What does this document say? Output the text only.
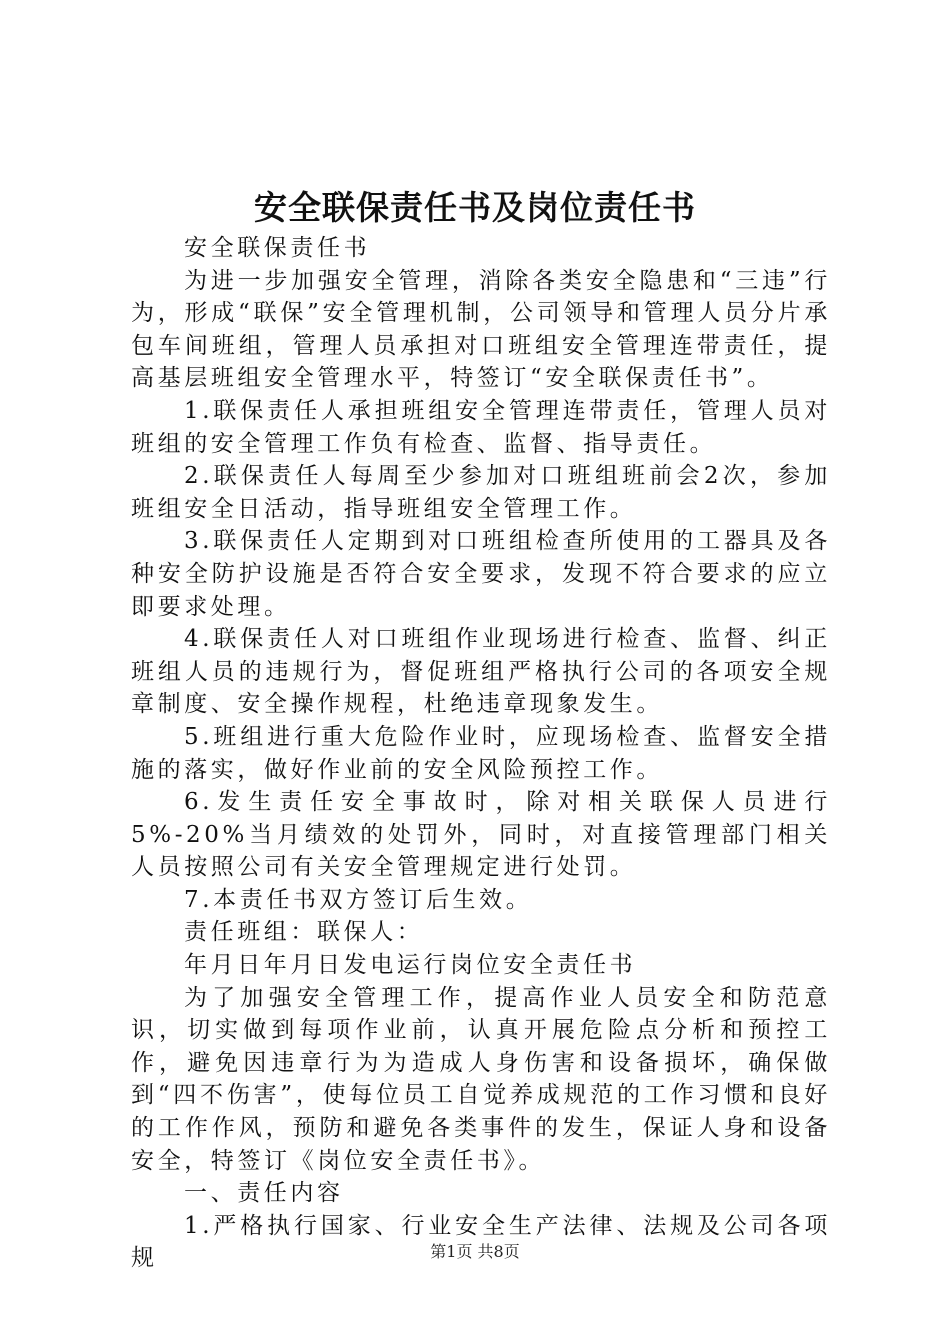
安全联保责任书及岗位责任书

安全联保责任书

为进一步加强安全管理，消除各类安全隐患和“三违”行为，形成“联保”安全管理机制，公司领导和管理人员分片承包车间班组，管理人员承担对口班组安全管理连带责任，提高基层班组安全管理水平，特签订“安全联保责任书”。

1.联保责任人承担班组安全管理连带责任，管理人员对班组的安全管理工作负有检查、监督、指导责任。

2.联保责任人每周至少参加对口班组班前会2次，参加班组安全日活动，指导班组安全管理工作。

3.联保责任人定期到对口班组检查所使用的工器具及各种安全防护设施是否符合安全要求，发现不符合要求的应立即要求处理。

4.联保责任人对口班组作业现场进行检查、监督、纠正班组人员的违规行为，督促班组严格执行公司的各项安全规章制度、安全操作规程，杜绝违章现象发生。

5.班组进行重大危险作业时，应现场检查、监督安全措施的落实，做好作业前的安全风险预控工作。

6.发生责任安全事故时，除对相关联保人员进行5%-20%当月绩效的处罚外，同时，对直接管理部门相关人员按照公司有关安全管理规定进行处罚。

7.本责任书双方签订后生效。

责任班组：联保人：

年月日年月日发电运行岗位安全责任书

为了加强安全管理工作，提高作业人员安全和防范意识，切实做到每项作业前，认真开展危险点分析和预控工作，避免因违章行为为造成人身伤害和设备损坏，确保做到“四不伤害”，使每位员工自觉养成规范的工作习惯和良好的工作作风，预防和避免各类事件的发生，保证人身和设备安全，特签订《岗位安全责任书》。

一、责任内容

1.严格执行国家、行业安全生产法律、法规及公司各项规	第1页 共8页
